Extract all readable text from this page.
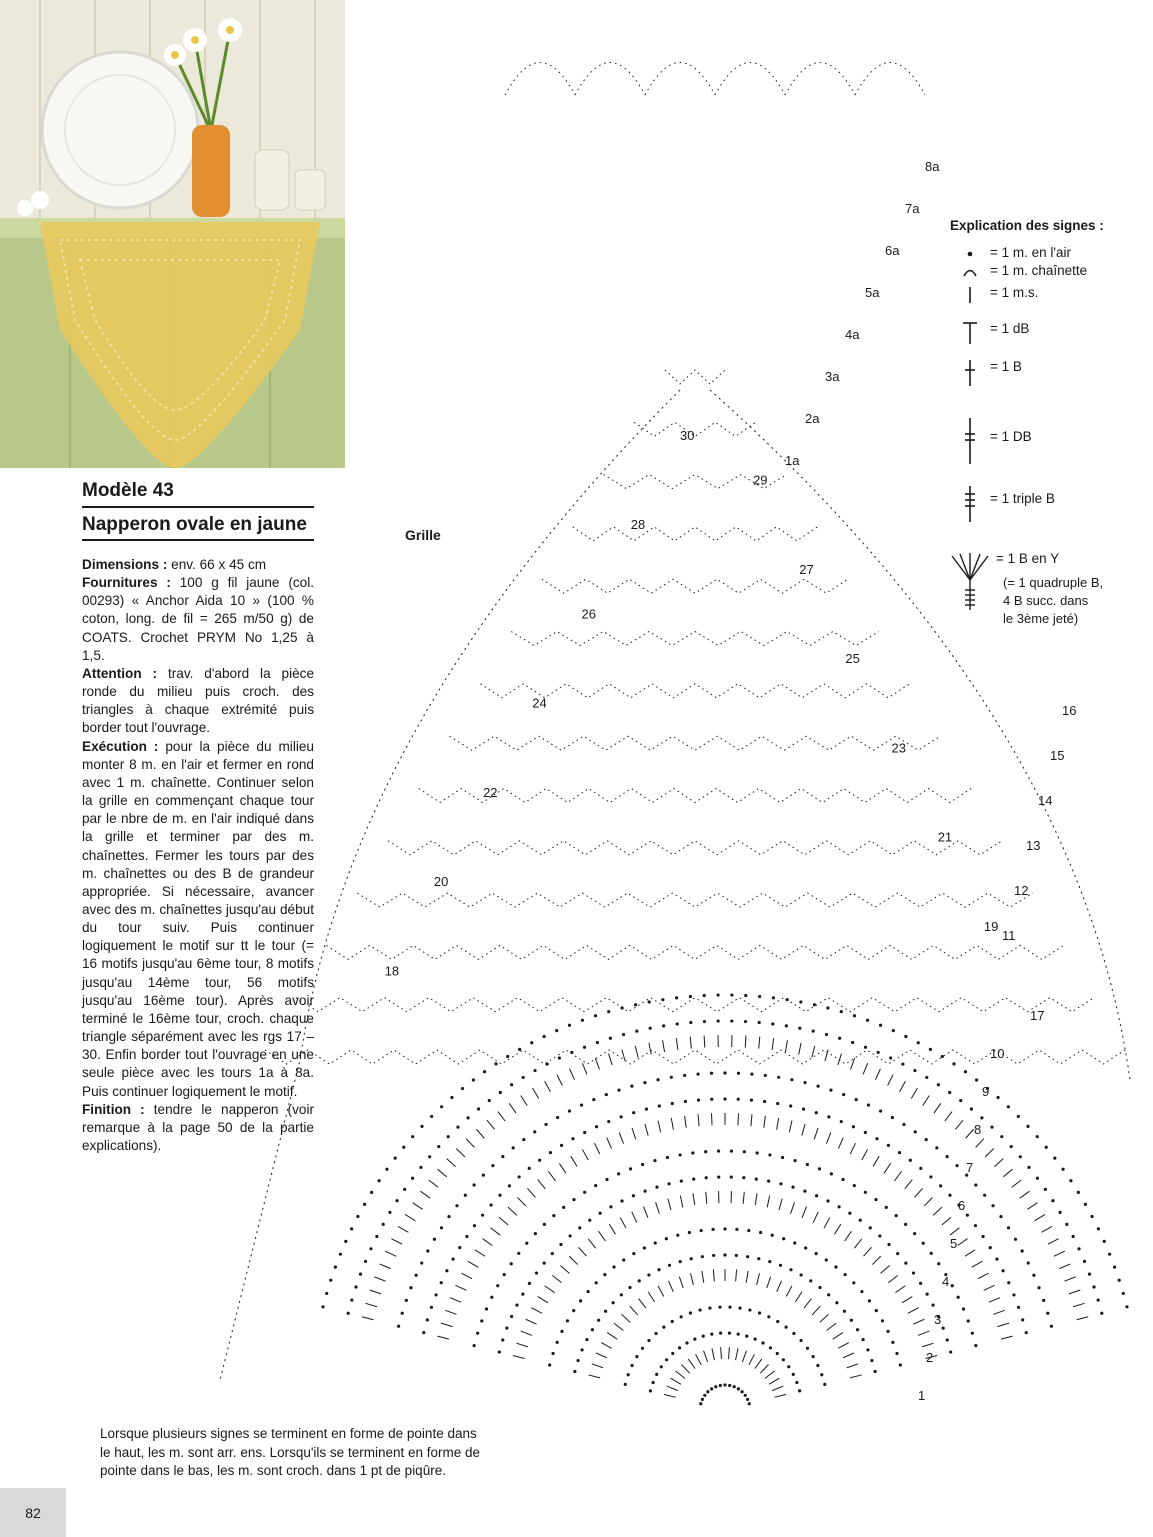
Modèle 43
Napperon ovale en jaune
Dimensions : env. 66 x 45 cm
Fournitures : 100 g fil jaune (col. 00293) « Anchor Aida 10 » (100 % coton, long. de fil = 265 m/50 g) de COATS. Crochet PRYM No 1,25 à 1,5.
Attention : trav. d'abord la pièce ronde du milieu puis croch. des triangles à chaque extrémité puis border tout l'ouvrage.
Exécution : pour la pièce du milieu monter 8 m. en l'air et fermer en rond avec 1 m. chaînette. Continuer selon la grille en commençant chaque tour par le nbre de m. en l'air indiqué dans la grille et terminer par des m. chaînettes. Fermer les tours par des m. chaînettes ou des B de grandeur appropriée. Si nécessaire, avancer avec des m. chaînettes jusqu'au début du tour suiv. Puis continuer logiquement le motif sur tt le tour (= 16 motifs jusqu'au 6ème tour, 8 motifs jusqu'au 14ème tour, 56 motifs jusqu'au 16ème tour). Après avoir terminé le 16ème tour, croch. chaque triangle séparément avec les rgs 17 – 30. Enfin border tout l'ouvrage en une seule pièce avec les tours 1a à 8a. Puis continuer logiquement le motif.
Finition : tendre le napperon (voir remarque à la page 50 de la partie explications).
Grille
1
2
3
4
5
6
7
8
9
10
11
12
13
14
15
16
17
18
19
20
21
22
23
24
25
26
27
28
29
30
1a
2a
3a
4a
5a
6a
7a
8a
Explication des signes :
= 1 m. en l'air
= 1 m. chaînette
= 1 m.s.
= 1 dB
= 1 B
= 1 DB
= 1 triple B
= 1 B en Y
(= 1 quadruple B,
4 B succ. dans
le 3ème jeté)
Lorsque plusieurs signes se terminent en forme de pointe dans
le haut, les m. sont arr. ens. Lorsqu'ils se terminent en forme de
pointe dans le bas, les m. sont croch. dans 1 pt de piqûre.
82
